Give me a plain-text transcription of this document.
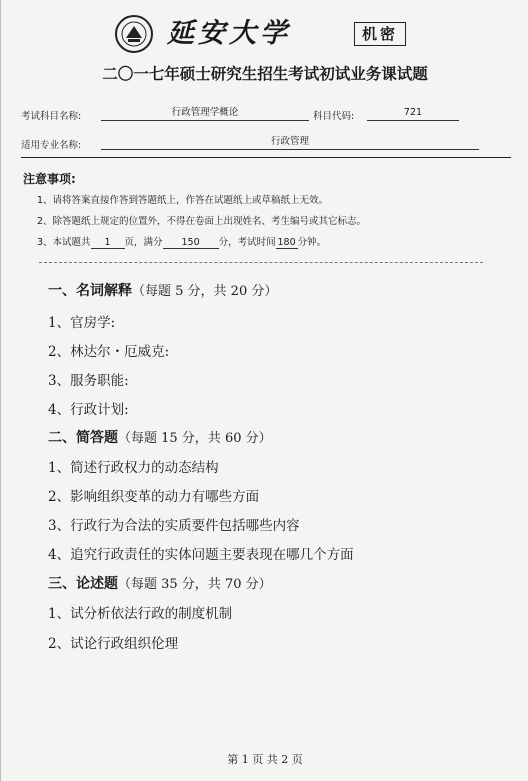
延安大学	机密
二〇一七年硕士研究生招生考试初试业务课试题
考试科目名称:	行政管理学概论	科目代码:	721
适用专业名称:	行政管理
注意事项:
1、请将答案直接作答到答题纸上，作答在试题纸上或草稿纸上无效。
2、除答题纸上规定的位置外，不得在卷面上出现姓名、考生编号或其它标志。
3、本试题共 1 页，满分 150 分，考试时间 180 分钟。
一、名词解释（每题 5 分，共 20 分）
1、官房学:
2、林达尔・厄威克:
3、服务职能:
4、行政计划:
二、简答题（每题 15 分，共 60 分）
1、简述行政权力的动态结构
2、影响组织变革的动力有哪些方面
3、行政行为合法的实质要件包括哪些内容
4、追究行政责任的实体问题主要表现在哪几个方面
三、论述题（每题 35 分，共 70 分）
1、试分析依法行政的制度机制
2、试论行政组织伦理
第 1 页 共 2 页
